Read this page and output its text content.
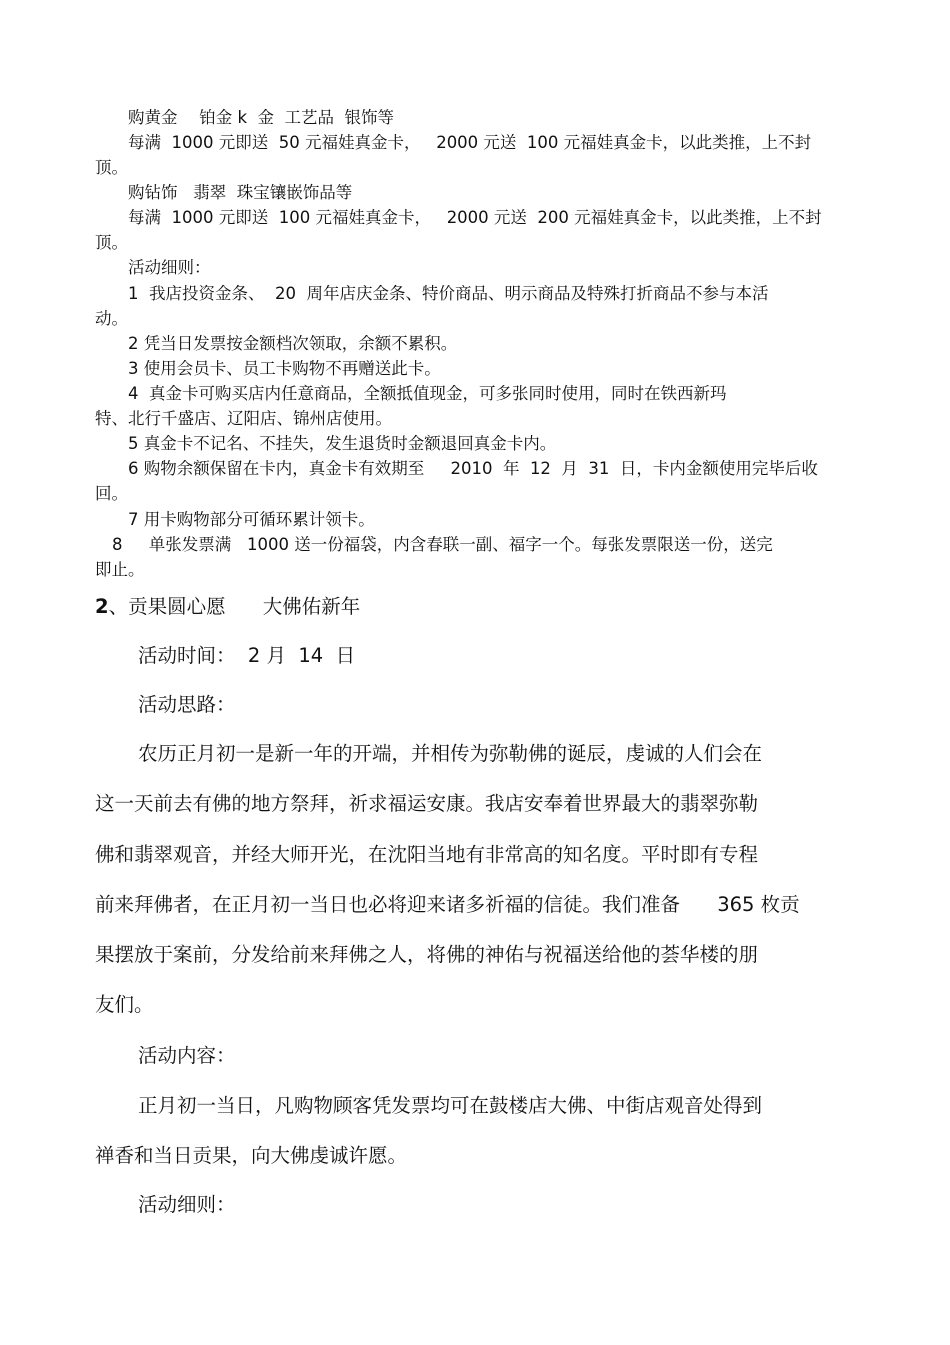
购黄金　 铂金 k  金  工艺品  银饰等

每满  1000 元即送  50 元福娃真金卡，   2000 元送  100 元福娃真金卡，以此类推，上不封

顶。

购钻饰   翡翠  珠宝镶嵌饰品等

每满  1000 元即送  100 元福娃真金卡，   2000 元送  200 元福娃真金卡，以此类推，上不封

顶。

活动细则：

1  我店投资金条、  20  周年店庆金条、特价商品、明示商品及特殊打折商品不参与本活

动。

2 凭当日发票按金额档次领取，余额不累积。

3 使用会员卡、员工卡购物不再赠送此卡。

4  真金卡可购买店内任意商品，全额抵值现金，可多张同时使用，同时在铁西新玛

特、北行千盛店、辽阳店、锦州店使用。

5 真金卡不记名、不挂失，发生退货时金额退回真金卡内。

6 购物余额保留在卡内，真金卡有效期至     2010  年  12  月  31  日，卡内金额使用完毕后收

回。

7 用卡购物部分可循环累计领卡。

8     单张发票满   1000 送一份福袋，内含春联一副、福字一个。每张发票限送一份，送完

即止。

2、贡果圆心愿      大佛佑新年

活动时间：  2 月  14  日

活动思路：

农历正月初一是新一年的开端，并相传为弥勒佛的诞辰，虔诚的人们会在

这一天前去有佛的地方祭拜，祈求福运安康。我店安奉着世界最大的翡翠弥勒

佛和翡翠观音，并经大师开光，在沈阳当地有非常高的知名度。平时即有专程

前来拜佛者，在正月初一当日也必将迎来诸多祈福的信徒。我们准备      365 枚贡

果摆放于案前，分发给前来拜佛之人，将佛的神佑与祝福送给他的荟华楼的朋

友们。

活动内容：

正月初一当日，凡购物顾客凭发票均可在鼓楼店大佛、中街店观音处得到

禅香和当日贡果，向大佛虔诚许愿。

活动细则：
